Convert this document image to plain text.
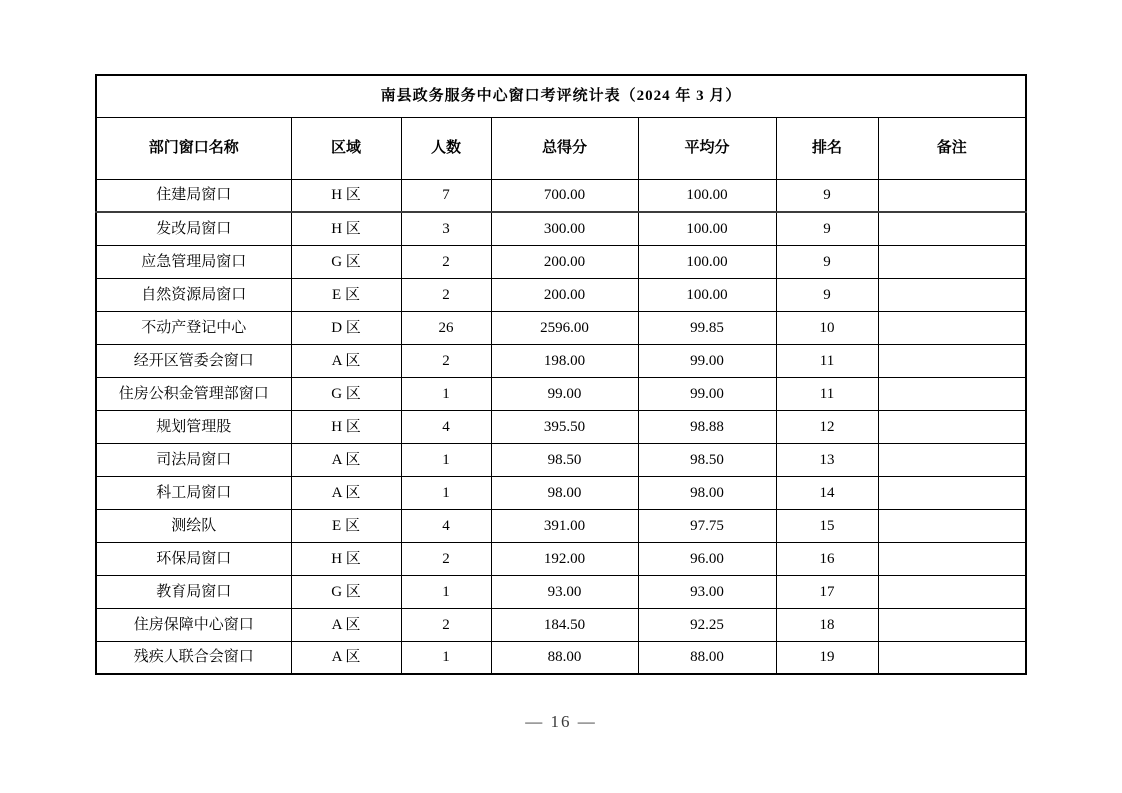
南县政务服务中心窗口考评统计表（2024 年 3 月）						
部门窗口名称	区域	人数	总得分	平均分	排名	备注
住建局窗口	H 区	7	700.00	100.00	9	
发改局窗口	H 区	3	300.00	100.00	9	
应急管理局窗口	G 区	2	200.00	100.00	9	
自然资源局窗口	E 区	2	200.00	100.00	9	
不动产登记中心	D 区	26	2596.00	99.85	10	
经开区管委会窗口	A 区	2	198.00	99.00	11	
住房公积金管理部窗口	G 区	1	99.00	99.00	11	
规划管理股	H 区	4	395.50	98.88	12	
司法局窗口	A 区	1	98.50	98.50	13	
科工局窗口	A 区	1	98.00	98.00	14	
测绘队	E 区	4	391.00	97.75	15	
环保局窗口	H 区	2	192.00	96.00	16	
教育局窗口	G 区	1	93.00	93.00	17	
住房保障中心窗口	A 区	2	184.50	92.25	18	
残疾人联合会窗口	A 区	1	88.00	88.00	19	
— 16 —
